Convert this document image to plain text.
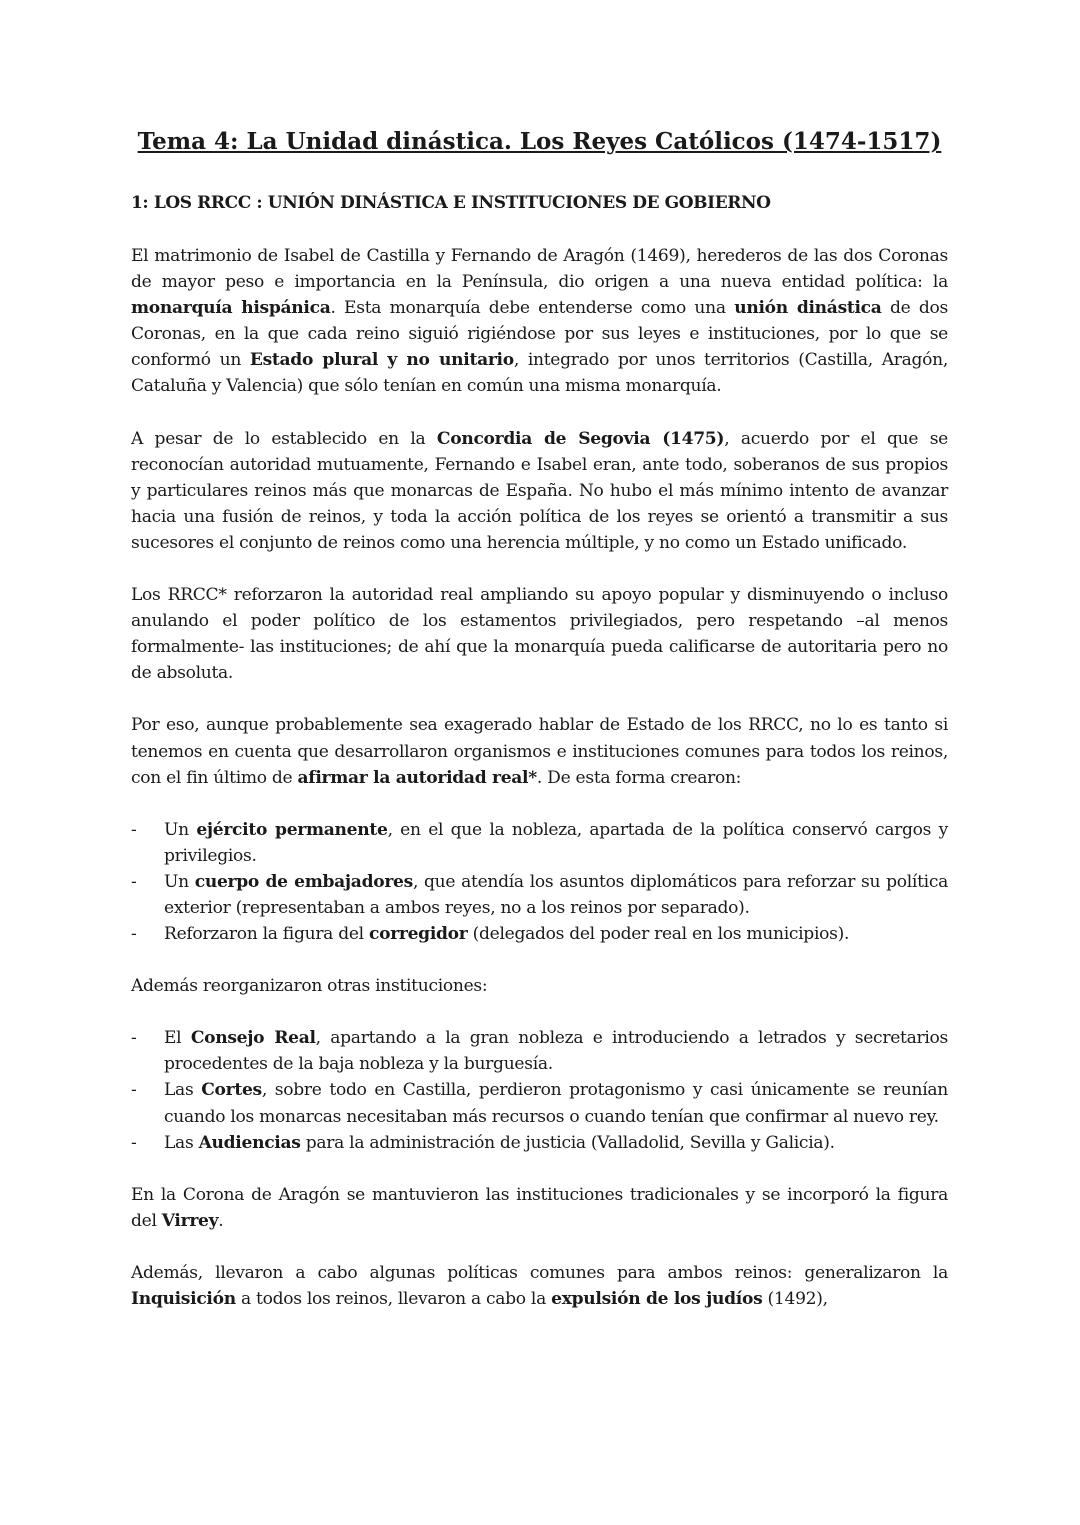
Tema 4: La Unidad dinástica. Los Reyes Católicos (1474-1517)
1: LOS RRCC : UNIÓN DINÁSTICA E INSTITUCIONES DE GOBIERNO

El matrimonio de Isabel de Castilla y Fernando de Aragón (1469), herederos de las dos Coronas de mayor peso e importancia en la Península, dio origen a una nueva entidad política: la monarquía hispánica. Esta monarquía debe entenderse como una unión dinástica de dos Coronas, en la que cada reino siguió rigiéndose por sus leyes e instituciones, por lo que se conformó un Estado plural y no unitario, integrado por unos territorios (Castilla, Aragón, Cataluña y Valencia) que sólo tenían en común una misma monarquía.

A pesar de lo establecido en la Concordia de Segovia (1475), acuerdo por el que se reconocían autoridad mutuamente, Fernando e Isabel eran, ante todo, soberanos de sus propios y particulares reinos más que monarcas de España. No hubo el más mínimo intento de avanzar hacia una fusión de reinos, y toda la acción política de los reyes se orientó a transmitir a sus sucesores el conjunto de reinos como una herencia múltiple, y no como un Estado unificado.

Los RRCC* reforzaron la autoridad real ampliando su apoyo popular y disminuyendo o incluso anulando el poder político de los estamentos privilegiados, pero respetando –al menos formalmente- las instituciones; de ahí que la monarquía pueda calificarse de autoritaria pero no de absoluta.

Por eso, aunque probablemente sea exagerado hablar de Estado de los RRCC, no lo es tanto si tenemos en cuenta que desarrollaron organismos e instituciones comunes para todos los reinos, con el fin último de afirmar la autoridad real*. De esta forma crearon:

- Un ejército permanente, en el que la nobleza, apartada de la política conservó cargos y privilegios.
- Un cuerpo de embajadores, que atendía los asuntos diplomáticos para reforzar su política exterior (representaban a ambos reyes, no a los reinos por separado).
- Reforzaron la figura del corregidor (delegados del poder real en los municipios).

Además reorganizaron otras instituciones:

- El Consejo Real, apartando a la gran nobleza e introduciendo a letrados y secretarios procedentes de la baja nobleza y la burguesía.
- Las Cortes, sobre todo en Castilla, perdieron protagonismo y casi únicamente se reunían cuando los monarcas necesitaban más recursos o cuando tenían que confirmar al nuevo rey.
- Las Audiencias para la administración de justicia (Valladolid, Sevilla y Galicia).

En la Corona de Aragón se mantuvieron las instituciones tradicionales y se incorporó la figura del Virrey.

Además, llevaron a cabo algunas políticas comunes para ambos reinos: generalizaron la Inquisición a todos los reinos, llevaron a cabo la expulsión de los judíos (1492),
